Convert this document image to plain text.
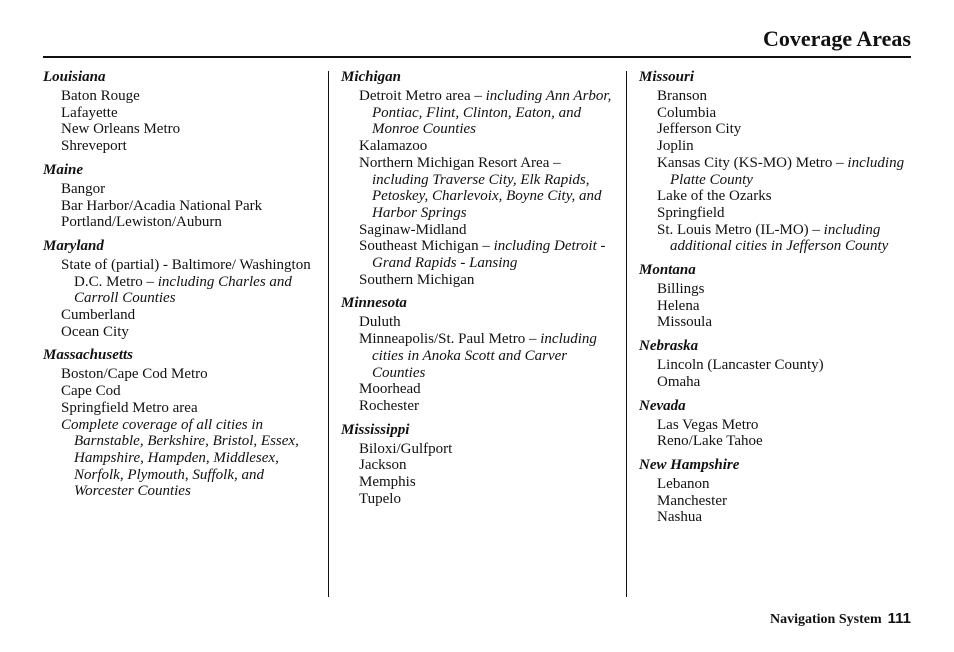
Coverage Areas
Louisiana
Baton Rouge
Lafayette
New Orleans Metro
Shreveport
Maine
Bangor
Bar Harbor/Acadia National Park
Portland/Lewiston/Auburn
Maryland
State of (partial) - Baltimore/ Washington D.C. Metro – including Charles and Carroll Counties
Cumberland
Ocean City
Massachusetts
Boston/Cape Cod Metro
Cape Cod
Springfield Metro area
Complete coverage of all cities in Barnstable, Berkshire, Bristol, Essex, Hampshire, Hampden, Middlesex, Norfolk, Plymouth, Suffolk, and Worcester Counties
Michigan
Detroit Metro area – including Ann Arbor, Pontiac, Flint, Clinton, Eaton, and Monroe Counties
Kalamazoo
Northern Michigan Resort Area – including Traverse City, Elk Rapids, Petoskey, Charlevoix, Boyne City, and Harbor Springs
Saginaw-Midland
Southeast Michigan – including Detroit - Grand Rapids - Lansing
Southern Michigan
Minnesota
Duluth
Minneapolis/St. Paul Metro – including cities in Anoka Scott and Carver Counties
Moorhead
Rochester
Mississippi
Biloxi/Gulfport
Jackson
Memphis
Tupelo
Missouri
Branson
Columbia
Jefferson City
Joplin
Kansas City (KS-MO) Metro – including Platte County
Lake of the Ozarks
Springfield
St. Louis Metro (IL-MO) – including additional cities in Jefferson County
Montana
Billings
Helena
Missoula
Nebraska
Lincoln (Lancaster County)
Omaha
Nevada
Las Vegas Metro
Reno/Lake Tahoe
New Hampshire
Lebanon
Manchester
Nashua
Navigation System 111
